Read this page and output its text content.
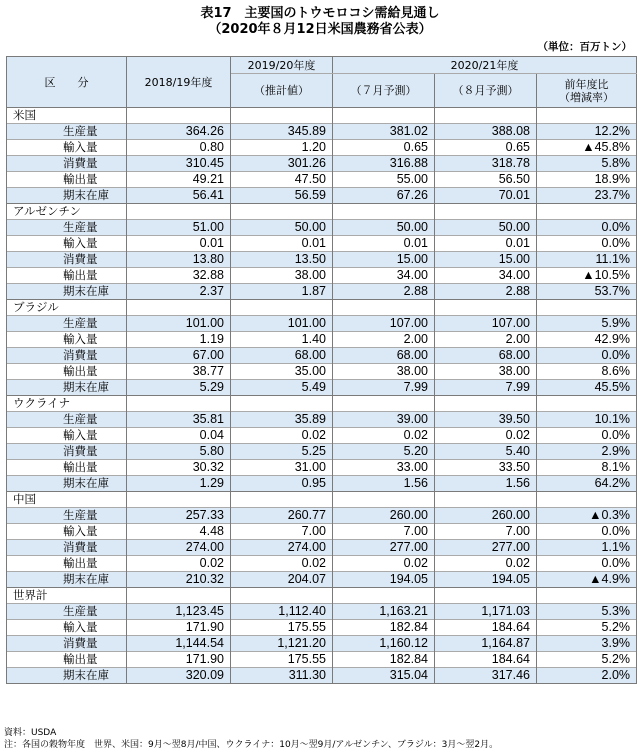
表17　主要国のトウモロコシ需給見通し
（2020年８月12日米国農務省公表）
（単位：百万トン）
区　　分	2018/19年度	2019/20年度	2020/21年度		
		（推計値）	（７月予測）	（８月予測）	前年度比
（増減率）

米国					
生産量	364.26	345.89	381.02	388.08	12.2%
輸入量	0.80	1.20	0.65	0.65	▲45.8%
消費量	310.45	301.26	316.88	318.78	5.8%
輸出量	49.21	47.50	55.00	56.50	18.9%
期末在庫	56.41	56.59	67.26	70.01	23.7%
アルゼンチン					
生産量	51.00	50.00	50.00	50.00	0.0%
輸入量	0.01	0.01	0.01	0.01	0.0%
消費量	13.80	13.50	15.00	15.00	11.1%
輸出量	32.88	38.00	34.00	34.00	▲10.5%
期末在庫	2.37	1.87	2.88	2.88	53.7%
ブラジル					
生産量	101.00	101.00	107.00	107.00	5.9%
輸入量	1.19	1.40	2.00	2.00	42.9%
消費量	67.00	68.00	68.00	68.00	0.0%
輸出量	38.77	35.00	38.00	38.00	8.6%
期末在庫	5.29	5.49	7.99	7.99	45.5%
ウクライナ					
生産量	35.81	35.89	39.00	39.50	10.1%
輸入量	0.04	0.02	0.02	0.02	0.0%
消費量	5.80	5.25	5.20	5.40	2.9%
輸出量	30.32	31.00	33.00	33.50	8.1%
期末在庫	1.29	0.95	1.56	1.56	64.2%
中国					
生産量	257.33	260.77	260.00	260.00	▲0.3%
輸入量	4.48	7.00	7.00	7.00	0.0%
消費量	274.00	274.00	277.00	277.00	1.1%
輸出量	0.02	0.02	0.02	0.02	0.0%
期末在庫	210.32	204.07	194.05	194.05	▲4.9%
世界計					
生産量	1,123.45	1,112.40	1,163.21	1,171.03	5.3%
輸入量	171.90	175.55	182.84	184.64	5.2%
消費量	1,144.54	1,121.20	1,160.12	1,164.87	3.9%
輸出量	171.90	175.55	182.84	184.64	5.2%
期末在庫	320.09	311.30	315.04	317.46	2.0%
資料：USDA
注：各国の穀物年度　世界、米国：9月～翌8月/中国、ウクライナ：10月～翌9月/アルゼンチン、ブラジル：3月～翌2月。
